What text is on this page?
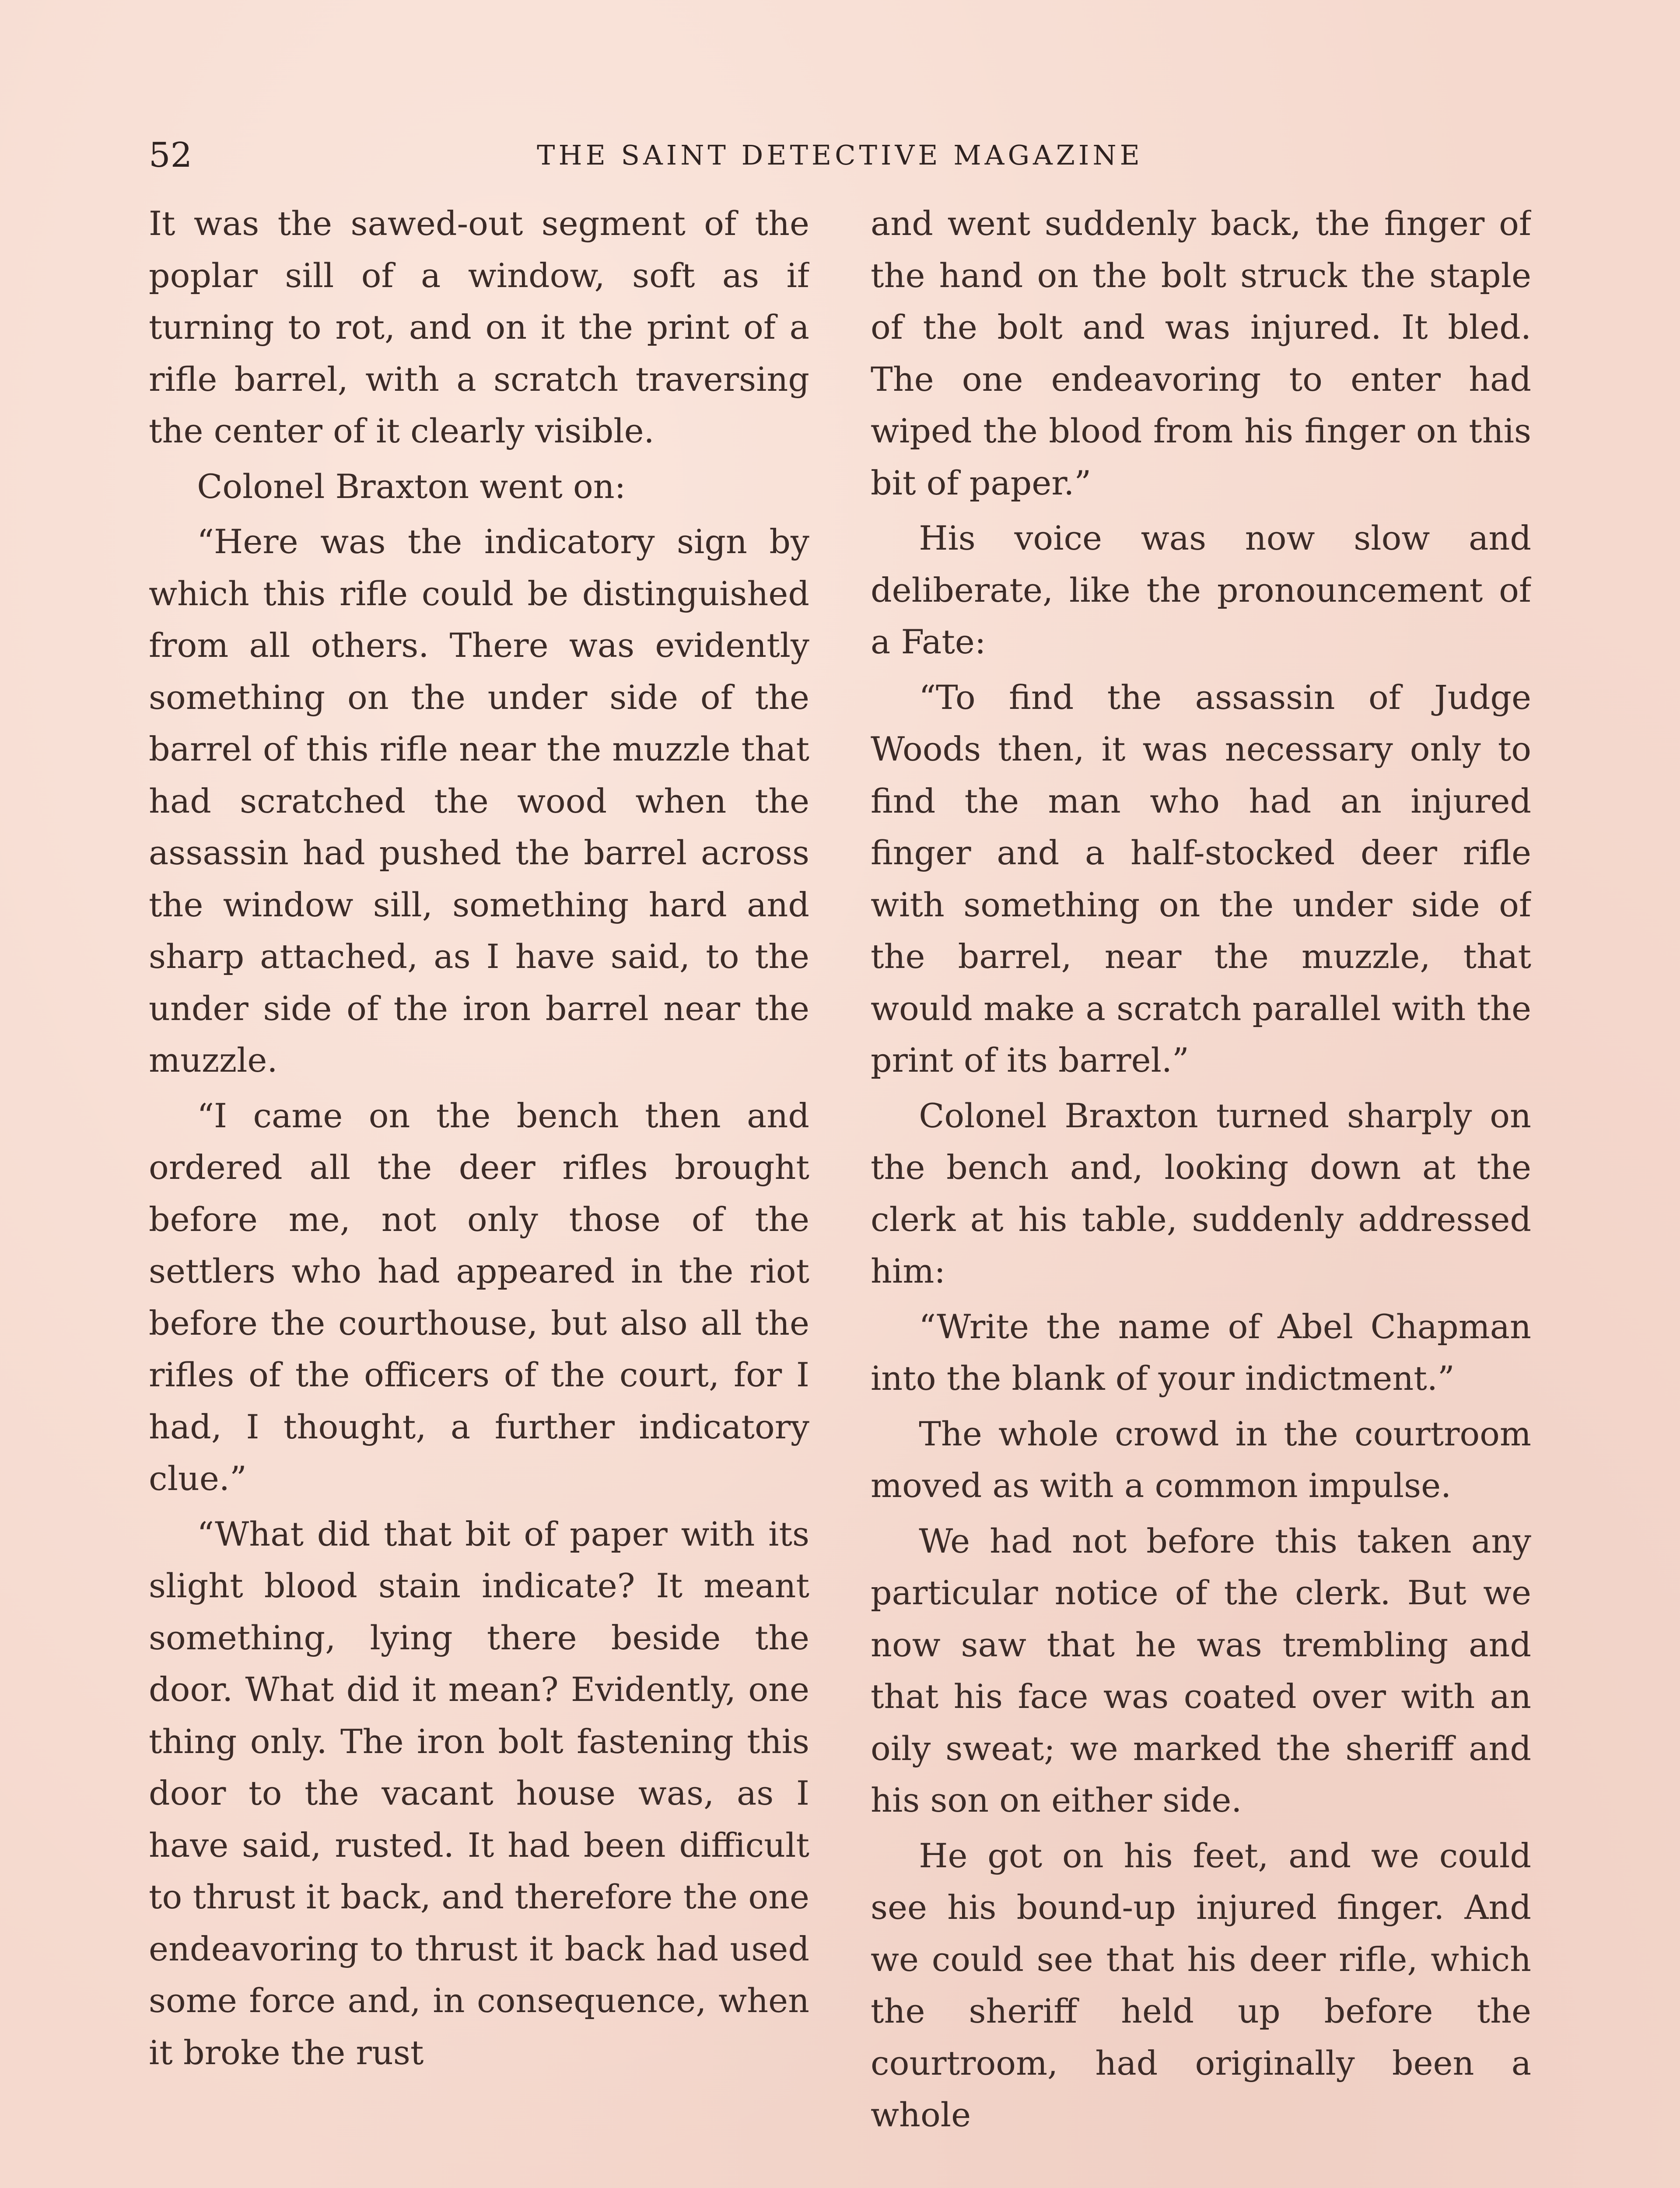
52	THE SAINT DETECTIVE MAGAZINE

It was the sawed-out segment of the poplar sill of a window, soft as if turning to rot, and on it the print of a rifle barrel, with a scratch traversing the center of it clearly visible.

Colonel Braxton went on:

“Here was the indicatory sign by which this rifle could be distinguished from all others. There was evidently something on the under side of the barrel of this rifle near the muzzle that had scratched the wood when the assassin had pushed the barrel across the window sill, something hard and sharp attached, as I have said, to the under side of the iron barrel near the muzzle.

“I came on the bench then and ordered all the deer rifles brought before me, not only those of the settlers who had appeared in the riot before the courthouse, but also all the rifles of the officers of the court, for I had, I thought, a further indicatory clue.”

“What did that bit of paper with its slight blood stain indicate? It meant something, lying there beside the door. What did it mean? Evidently, one thing only. The iron bolt fastening this door to the vacant house was, as I have said, rusted. It had been difficult to thrust it back, and therefore the one endeavoring to thrust it back had used some force and, in consequence, when it broke the rust

and went suddenly back, the finger of the hand on the bolt struck the staple of the bolt and was injured. It bled. The one endeavoring to enter had wiped the blood from his finger on this bit of paper.”

His voice was now slow and deliberate, like the pronouncement of a Fate:

“To find the assassin of Judge Woods then, it was necessary only to find the man who had an injured finger and a half-stocked deer rifle with something on the under side of the barrel, near the muzzle, that would make a scratch parallel with the print of its barrel.”

Colonel Braxton turned sharply on the bench and, looking down at the clerk at his table, suddenly addressed him:

“Write the name of Abel Chapman into the blank of your indictment.”

The whole crowd in the courtroom moved as with a common impulse.

We had not before this taken any particular notice of the clerk. But we now saw that he was trembling and that his face was coated over with an oily sweat; we marked the sheriff and his son on either side.

He got on his feet, and we could see his bound-up injured finger. And we could see that his deer rifle, which the sheriff held up before the courtroom, had originally been a whole
